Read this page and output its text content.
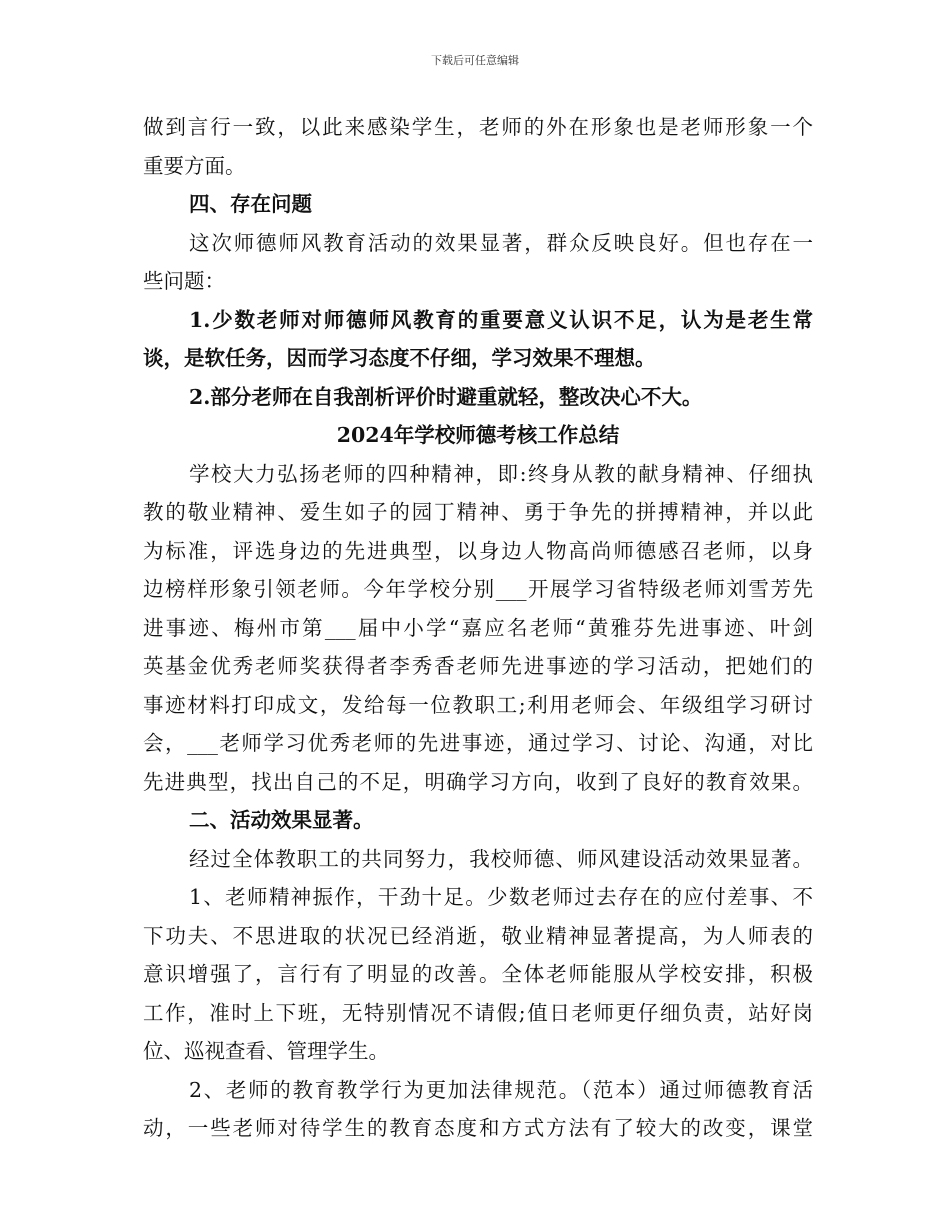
下载后可任意编辑
做到言行一致，以此来感染学生，老师的外在形象也是老师形象一个
重要方面。
四、存在问题
这次师德师风教育活动的效果显著，群众反映良好。但也存在一
些问题：
1.少数老师对师德师风教育的重要意义认识不足，认为是老生常
谈，是软任务，因而学习态度不仔细，学习效果不理想。
2.部分老师在自我剖析评价时避重就轻，整改决心不大。
2024年学校师德考核工作总结
学校大力弘扬老师的四种精神，即:终身从教的献身精神、仔细执
教的敬业精神、爱生如子的园丁精神、勇于争先的拼搏精神，并以此
为标准，评选身边的先进典型，以身边人物高尚师德感召老师，以身
边榜样形象引领老师。今年学校分别___开展学习省特级老师刘雪芳先
进事迹、梅州市第___届中小学“嘉应名老师“黄雅芬先进事迹、叶剑
英基金优秀老师奖获得者李秀香老师先进事迹的学习活动，把她们的
事迹材料打印成文，发给每一位教职工;利用老师会、年级组学习研讨
会，___老师学习优秀老师的先进事迹，通过学习、讨论、沟通，对比
先进典型，找出自己的不足，明确学习方向，收到了良好的教育效果。
二、活动效果显著。
经过全体教职工的共同努力，我校师德、师风建设活动效果显著。
1、老师精神振作，干劲十足。少数老师过去存在的应付差事、不
下功夫、不思进取的状况已经消逝，敬业精神显著提高，为人师表的
意识增强了，言行有了明显的改善。全体老师能服从学校安排，积极
工作，准时上下班，无特别情况不请假;值日老师更仔细负责，站好岗
位、巡视查看、管理学生。
2、老师的教育教学行为更加法律规范。（范本）通过师德教育活
动，一些老师对待学生的教育态度和方式方法有了较大的改变，课堂
